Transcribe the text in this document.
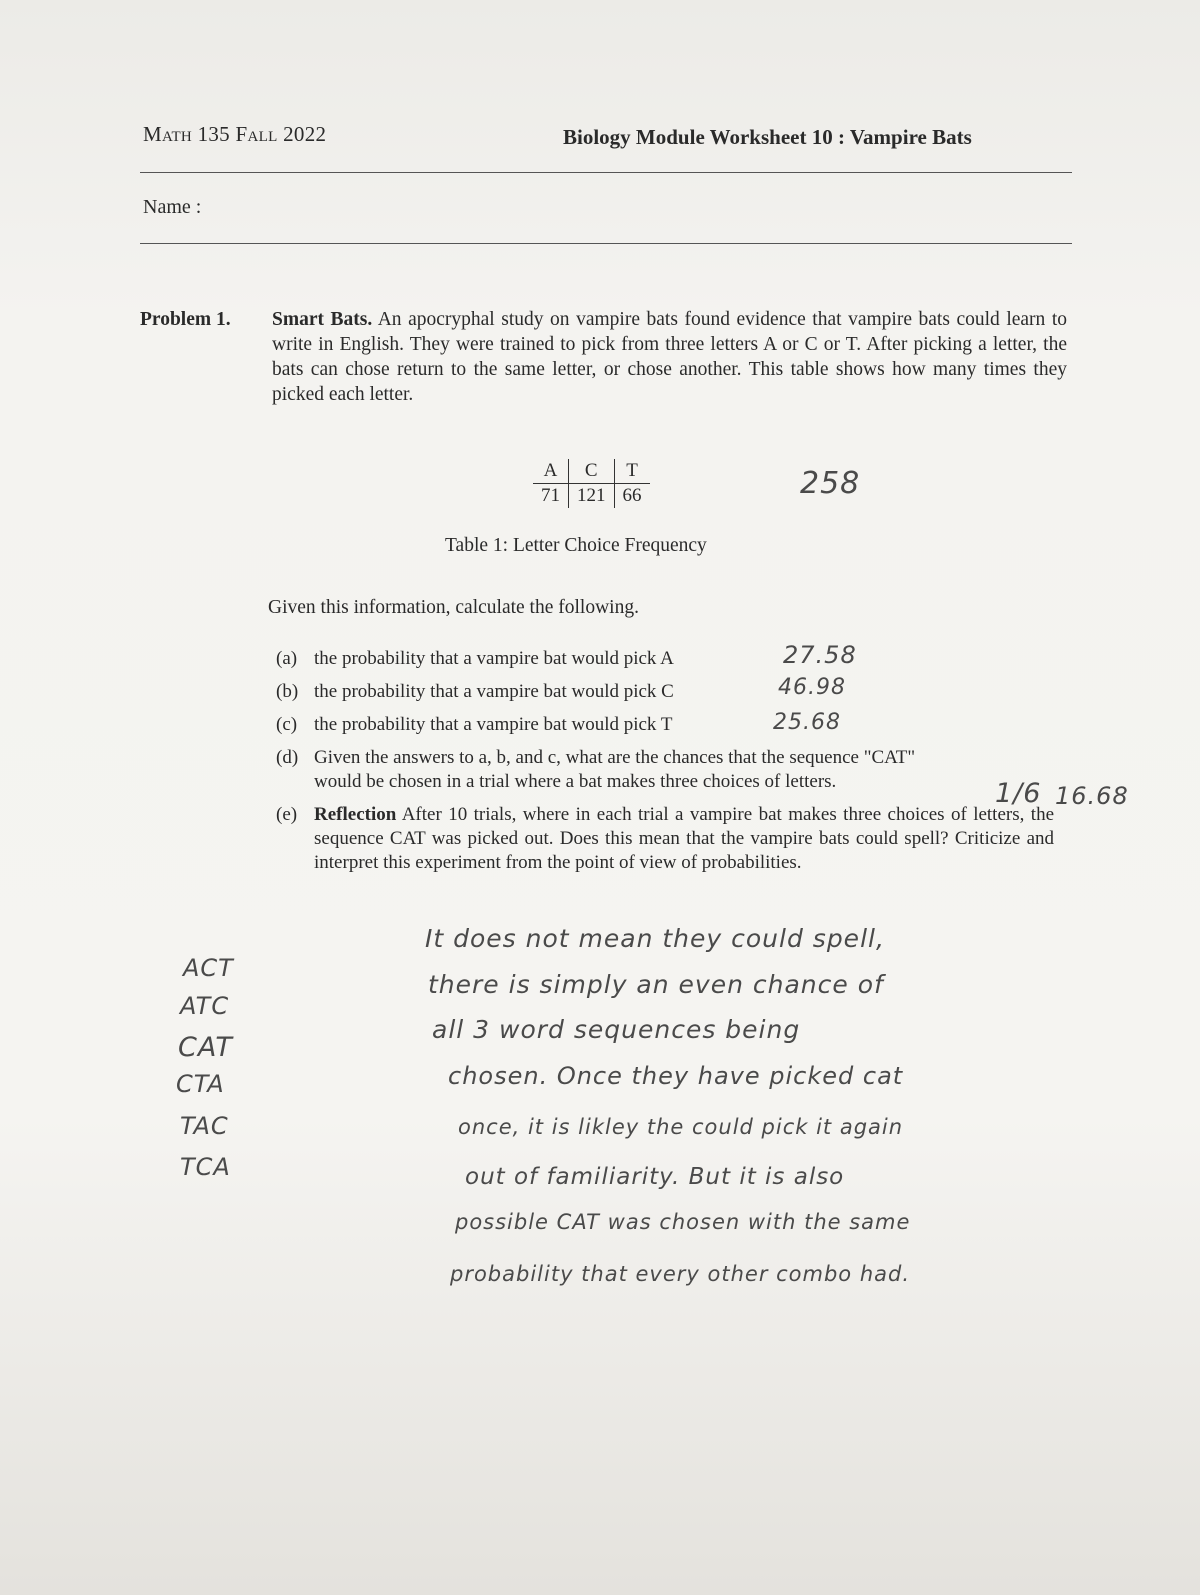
Math 135 Fall 2022	Biology Module Worksheet 10 : Vampire Bats
Name :
Problem 1. Smart Bats. An apocryphal study on vampire bats found evidence that vampire bats could learn to write in English. They were trained to pick from three letters A or C or T. After picking a letter, the bats can chose return to the same letter, or chose another. This table shows how many times they picked each letter.
A	C	T
71	121	66
Table 1: Letter Choice Frequency
Given this information, calculate the following.
(a) the probability that a vampire bat would pick A
(b) the probability that a vampire bat would pick C
(c) the probability that a vampire bat would pick T
(d) Given the answers to a, b, and c, what are the chances that the sequence "CAT" would be chosen in a trial where a bat makes three choices of letters.
(e) Reflection After 10 trials, where in each trial a vampire bat makes three choices of letters, the sequence CAT was picked out. Does this mean that the vampire bats could spell? Criticize and interpret this experiment from the point of view of probabilities.
258
27.58
46.98
25.68
1/6 16.68
ACT
ATC
CAT
CTA
TAC
TCA
It does not mean they could spell,
there is simply an even chance of
all 3 word sequences being
chosen. Once they have picked cat
once, it is likley the could pick it again
out of familiarity. But it is also
possible CAT was chosen with the same
probability that every other combo had.
